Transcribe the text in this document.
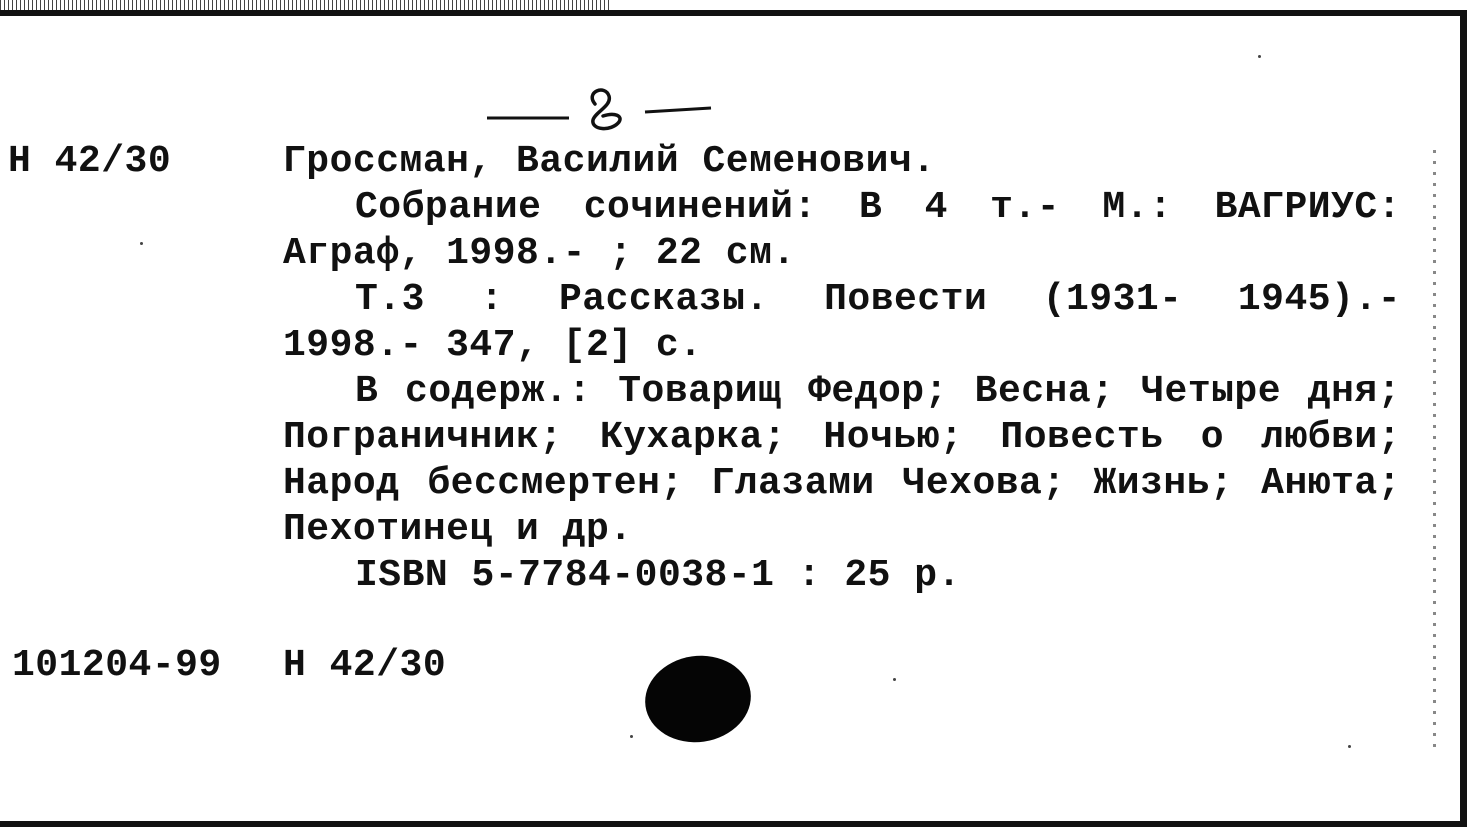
Н 42/30	Гроссман, Василий Семенович.

Собрание сочинений: В 4 т.- М.: ВАГРИУС: Аграф, 1998.- ; 22 см.

Т.3 : Рассказы. Повести (1931- 1945).- 1998.- 347, [2] с.

В содерж.: Товарищ Федор; Весна; Четыре дня; Пограничник; Кухарка; Ночью; Повесть о любви; Народ бессмертен; Глазами Чехова; Жизнь; Анюта; Пехотинец и др.

ISBN 5-7784-0038-1 : 25 р.
101204-99 Н 42/30
